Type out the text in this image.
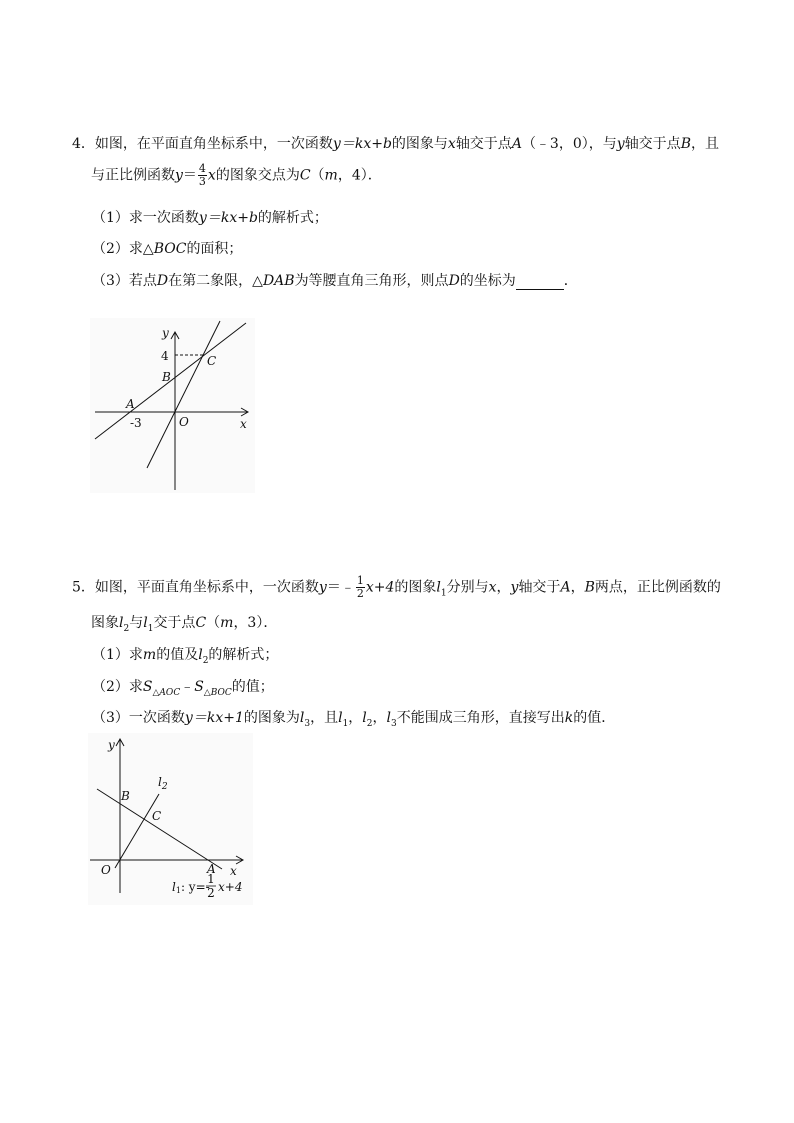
4．如图，在平面直角坐标系中，一次函数y＝kx+b的图象与x轴交于点A（﹣3，0），与y轴交于点B，且
与正比例函数$y= \frac{4}{3}$ x的图象交点为C（m，4）．
（1）求一次函数y＝kx+b的解析式；
（2）求△BOC的面积；
（3）若点D在第二象限，△DAB为等腰直角三角形，则点D的坐标为	．
y
x
4	C
B
A
-3	O
5．如图，平面直角坐标系中，一次函数y＝﹣ $\frac{1}{2} x+4$的图象$l_1$分别与x，y轴交于A，B两点，正比例函数的
图象$l_2$与$l_1$交于点C（m，3）．
（1）求m的值及$l_2$的解析式；
（2）求$S_{\triangle AOC}﹣S_{\triangle BOC}$的值；
（3）一次函数y＝kx+1的图象为$l_3$，且$l_1$，$l_2$，$l_3$不能围成三角形，直接写出k的值．
y
x
$l_2$
B
C
O	A
l1: y=-
1
2 x+4
